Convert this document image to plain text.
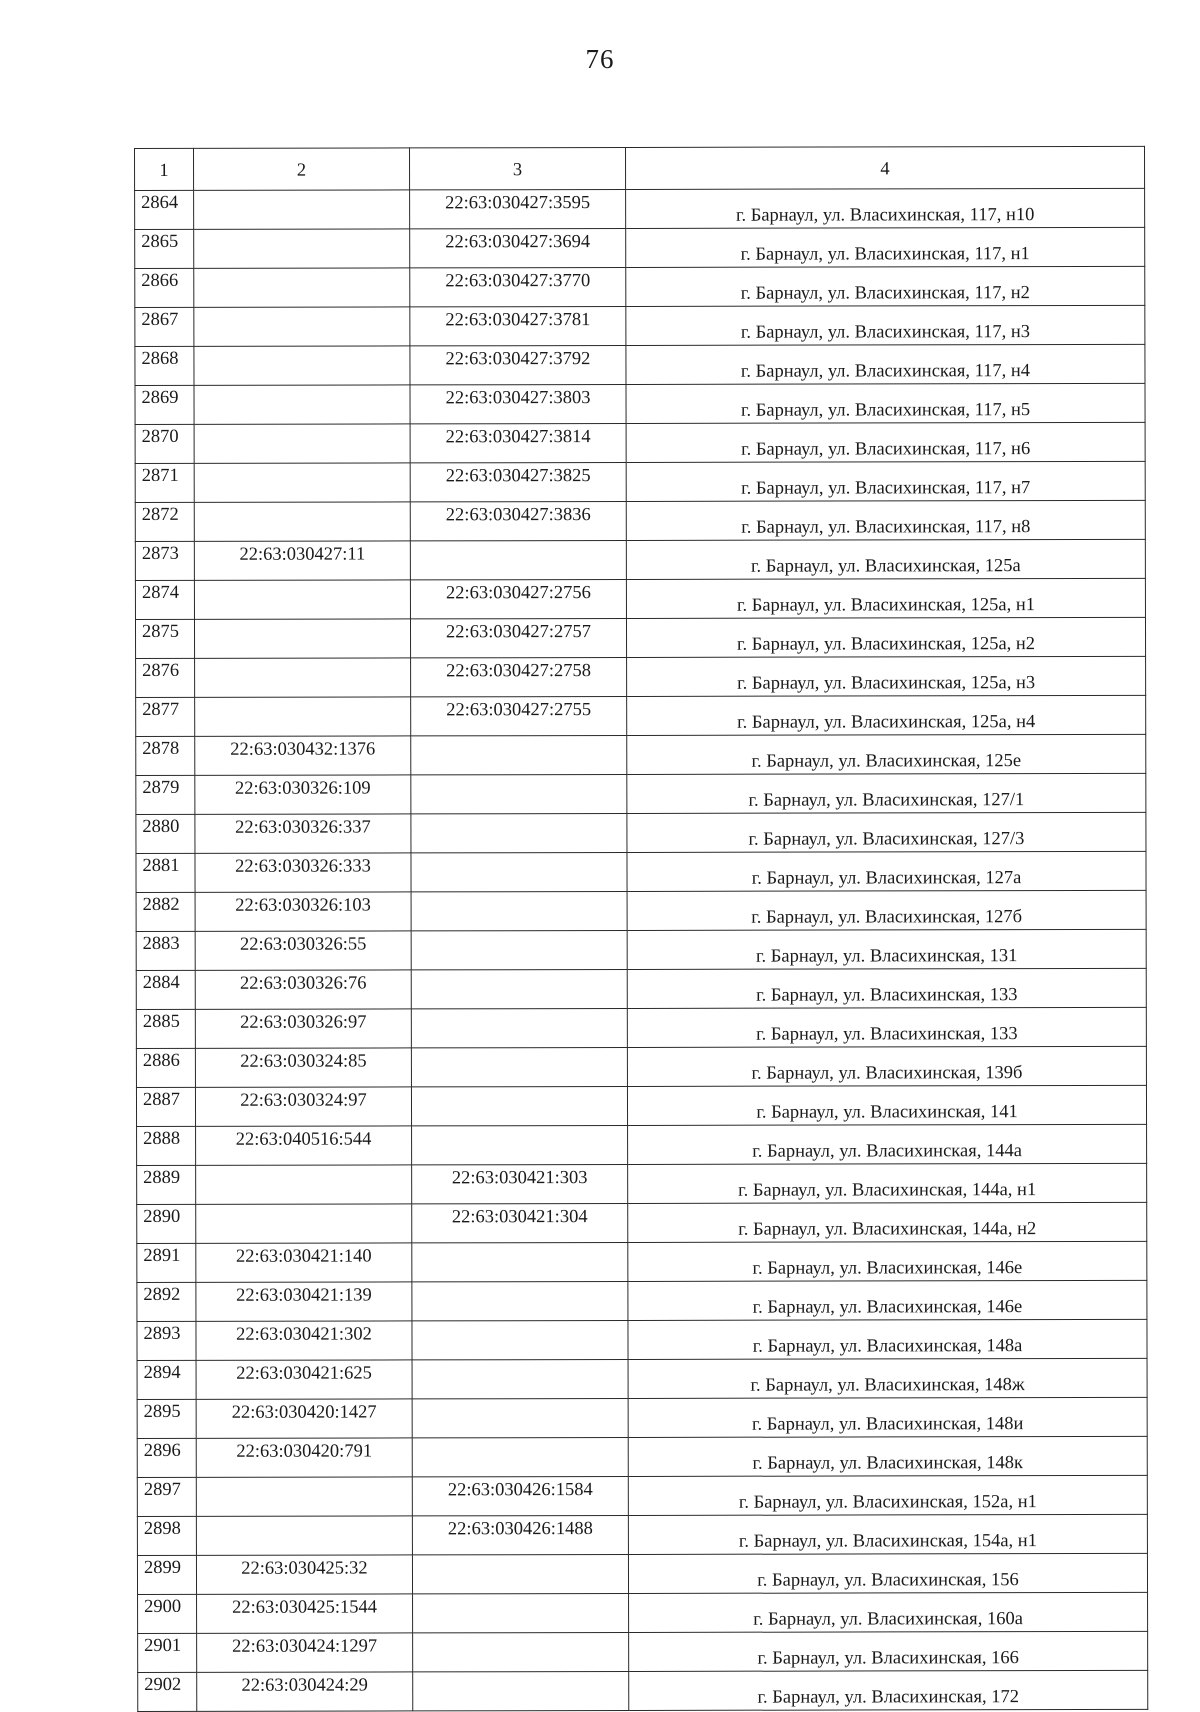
76
1	2	3	4
2864		22:63:030427:3595	г. Барнаул, ул. Власихинская, 117, н10
2865		22:63:030427:3694	г. Барнаул, ул. Власихинская, 117, н1
2866		22:63:030427:3770	г. Барнаул, ул. Власихинская, 117, н2
2867		22:63:030427:3781	г. Барнаул, ул. Власихинская, 117, н3
2868		22:63:030427:3792	г. Барнаул, ул. Власихинская, 117, н4
2869		22:63:030427:3803	г. Барнаул, ул. Власихинская, 117, н5
2870		22:63:030427:3814	г. Барнаул, ул. Власихинская, 117, н6
2871		22:63:030427:3825	г. Барнаул, ул. Власихинская, 117, н7
2872		22:63:030427:3836	г. Барнаул, ул. Власихинская, 117, н8
2873	22:63:030427:11		г. Барнаул, ул. Власихинская, 125а
2874		22:63:030427:2756	г. Барнаул, ул. Власихинская, 125а, н1
2875		22:63:030427:2757	г. Барнаул, ул. Власихинская, 125а, н2
2876		22:63:030427:2758	г. Барнаул, ул. Власихинская, 125а, н3
2877		22:63:030427:2755	г. Барнаул, ул. Власихинская, 125а, н4
2878	22:63:030432:1376		г. Барнаул, ул. Власихинская, 125е
2879	22:63:030326:109		г. Барнаул, ул. Власихинская, 127/1
2880	22:63:030326:337		г. Барнаул, ул. Власихинская, 127/3
2881	22:63:030326:333		г. Барнаул, ул. Власихинская, 127а
2882	22:63:030326:103		г. Барнаул, ул. Власихинская, 127б
2883	22:63:030326:55		г. Барнаул, ул. Власихинская, 131
2884	22:63:030326:76		г. Барнаул, ул. Власихинская, 133
2885	22:63:030326:97		г. Барнаул, ул. Власихинская, 133
2886	22:63:030324:85		г. Барнаул, ул. Власихинская, 139б
2887	22:63:030324:97		г. Барнаул, ул. Власихинская, 141
2888	22:63:040516:544		г. Барнаул, ул. Власихинская, 144а
2889		22:63:030421:303	г. Барнаул, ул. Власихинская, 144а, н1
2890		22:63:030421:304	г. Барнаул, ул. Власихинская, 144а, н2
2891	22:63:030421:140		г. Барнаул, ул. Власихинская, 146е
2892	22:63:030421:139		г. Барнаул, ул. Власихинская, 146е
2893	22:63:030421:302		г. Барнаул, ул. Власихинская, 148а
2894	22:63:030421:625		г. Барнаул, ул. Власихинская, 148ж
2895	22:63:030420:1427		г. Барнаул, ул. Власихинская, 148и
2896	22:63:030420:791		г. Барнаул, ул. Власихинская, 148к
2897		22:63:030426:1584	г. Барнаул, ул. Власихинская, 152а, н1
2898		22:63:030426:1488	г. Барнаул, ул. Власихинская, 154а, н1
2899	22:63:030425:32		г. Барнаул, ул. Власихинская, 156
2900	22:63:030425:1544		г. Барнаул, ул. Власихинская, 160а
2901	22:63:030424:1297		г. Барнаул, ул. Власихинская, 166
2902	22:63:030424:29		г. Барнаул, ул. Власихинская, 172
